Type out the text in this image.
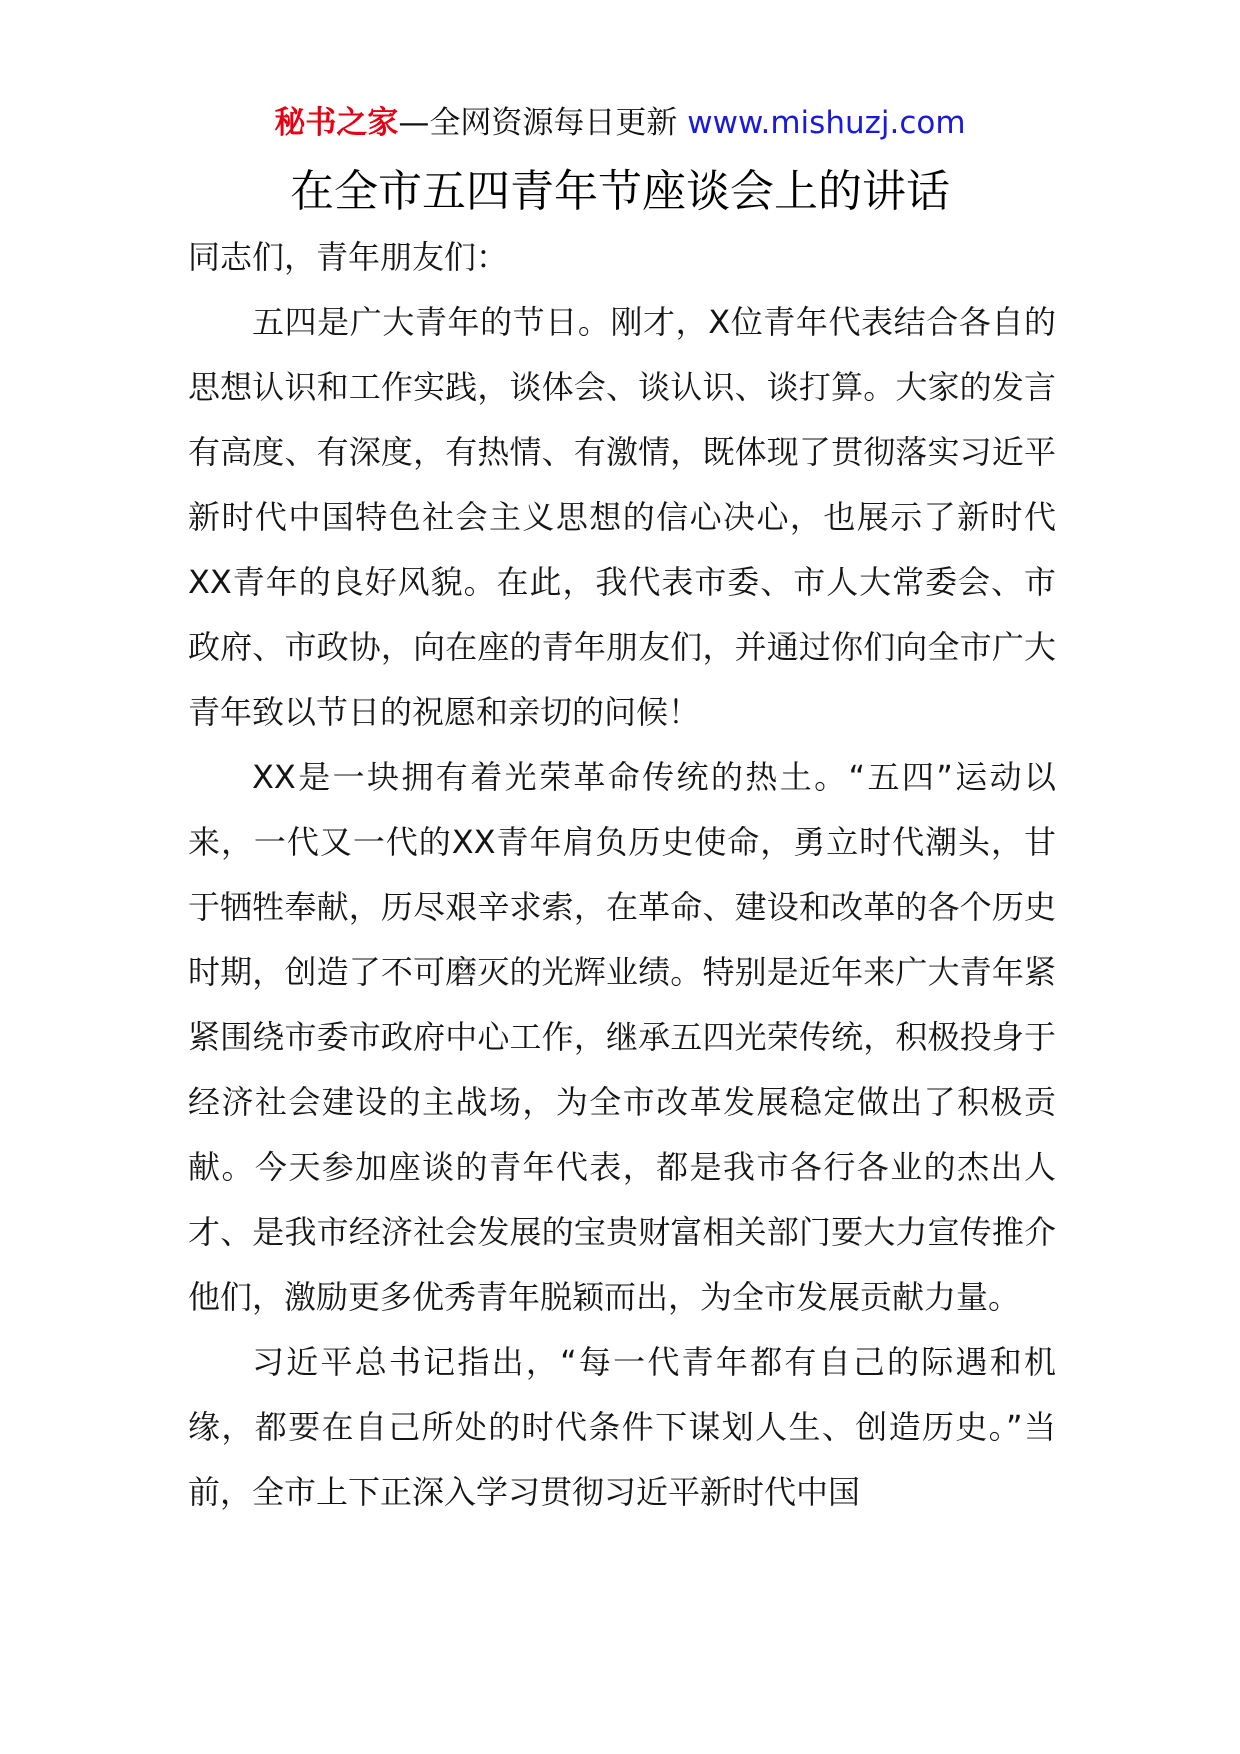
秘书之家—全网资源每日更新 www.mishuzj.com
在全市五四青年节座谈会上的讲话

同志们，青年朋友们：

五四是广大青年的节日。刚才，X位青年代表结合各自的思想认识和工作实践，谈体会、谈认识、谈打算。大家的发言有高度、有深度，有热情、有激情，既体现了贯彻落实习近平新时代中国特色社会主义思想的信心决心，也展示了新时代XX青年的良好风貌。在此，我代表市委、市人大常委会、市政府、市政协，向在座的青年朋友们，并通过你们向全市广大青年致以节日的祝愿和亲切的问候！

XX是一块拥有着光荣革命传统的热土。“五四”运动以来，一代又一代的XX青年肩负历史使命，勇立时代潮头，甘于牺牲奉献，历尽艰辛求索，在革命、建设和改革的各个历史时期，创造了不可磨灭的光辉业绩。特别是近年来广大青年紧紧围绕市委市政府中心工作，继承五四光荣传统，积极投身于经济社会建设的主战场，为全市改革发展稳定做出了积极贡献。今天参加座谈的青年代表，都是我市各行各业的杰出人才、是我市经济社会发展的宝贵财富相关部门要大力宣传推介他们，激励更多优秀青年脱颖而出，为全市发展贡献力量。

习近平总书记指出，“每一代青年都有自己的际遇和机缘，都要在自己所处的时代条件下谋划人生、创造历史。”当前，全市上下正深入学习贯彻习近平新时代中国
